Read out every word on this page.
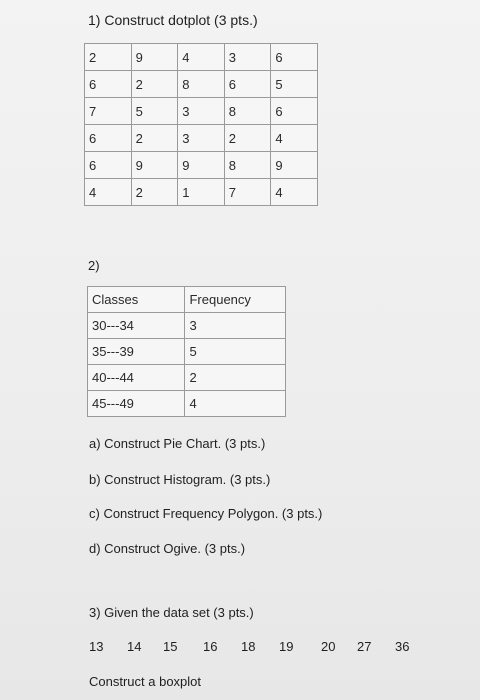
1) Construct dotplot (3 pts.)
2	9	4	3	6
6	2	8	6	5
7	5	3	8	6
6	2	3	2	4
6	9	9	8	9
4	2	1	7	4
2)
Classes	Frequency
30---34	3
35---39	5
40---44	2
45---49	4
a) Construct Pie Chart. (3 pts.)
b) Construct Histogram. (3 pts.)
c) Construct Frequency Polygon. (3 pts.)
d) Construct Ogive. (3 pts.)
3) Given the data set (3 pts.)
13 14 15 16 18 19 20 27 36
Construct a boxplot
